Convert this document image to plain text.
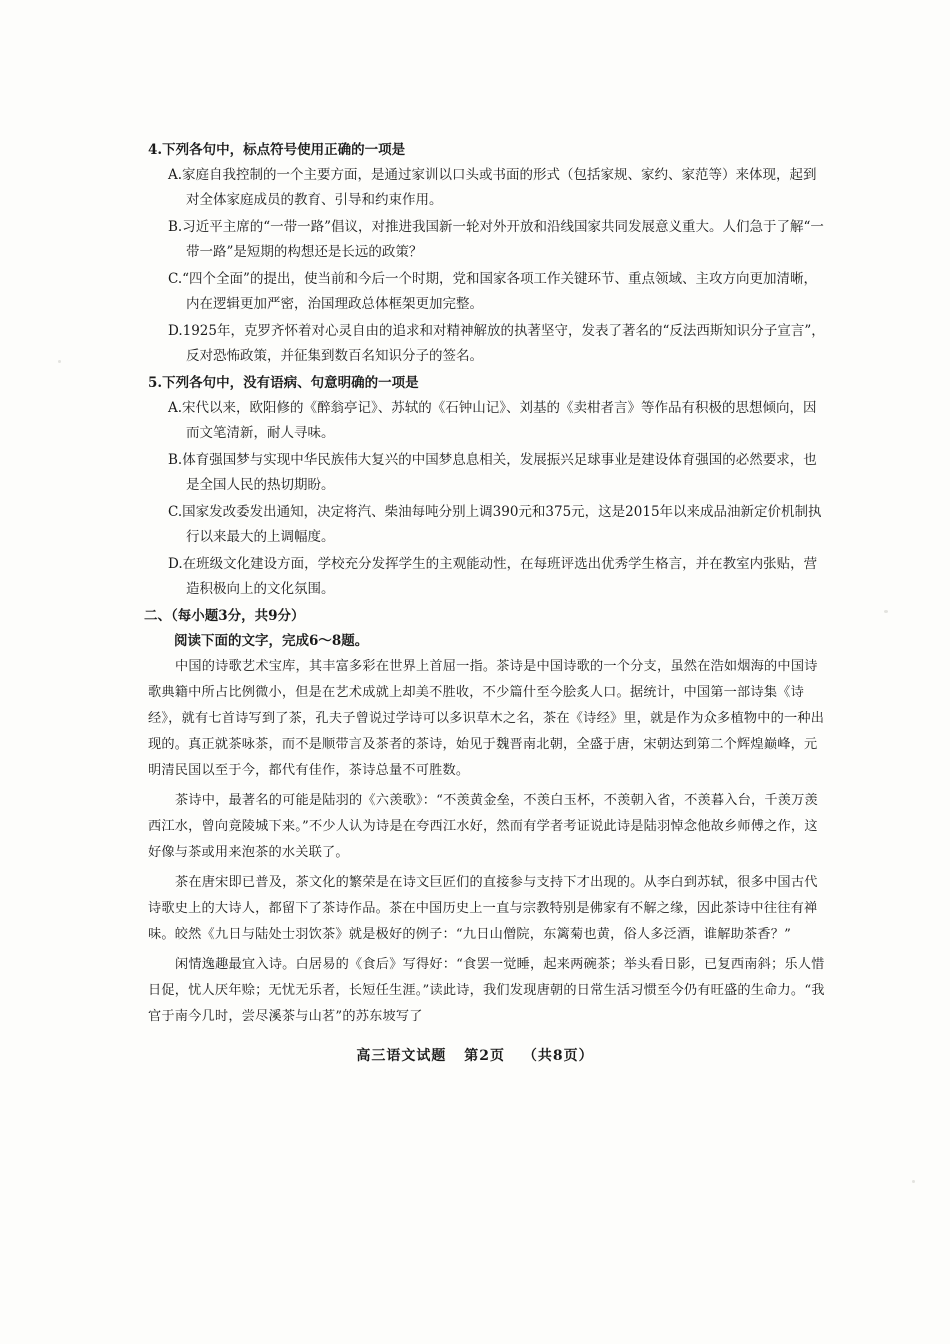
4.下列各句中，标点符号使用正确的一项是

A.家庭自我控制的一个主要方面，是通过家训以口头或书面的形式（包括家规、家约、家范等）来体现，起到对全体家庭成员的教育、引导和约束作用。

B.习近平主席的“一带一路”倡议，对推进我国新一轮对外开放和沿线国家共同发展意义重大。人们急于了解“一带一路”是短期的构想还是长远的政策？

C.“四个全面”的提出，使当前和今后一个时期，党和国家各项工作关键环节、重点领域、主攻方向更加清晰，内在逻辑更加严密，治国理政总体框架更加完整。

D.1925年，克罗齐怀着对心灵自由的追求和对精神解放的执著坚守，发表了著名的“反法西斯知识分子宣言”，反对恐怖政策，并征集到数百名知识分子的签名。

5.下列各句中，没有语病、句意明确的一项是

A.宋代以来，欧阳修的《醉翁亭记》、苏轼的《石钟山记》、刘基的《卖柑者言》等作品有积极的思想倾向，因而文笔清新，耐人寻味。

B.体育强国梦与实现中华民族伟大复兴的中国梦息息相关，发展振兴足球事业是建设体育强国的必然要求，也是全国人民的热切期盼。

C.国家发改委发出通知，决定将汽、柴油每吨分别上调390元和375元，这是2015年以来成品油新定价机制执行以来最大的上调幅度。

D.在班级文化建设方面，学校充分发挥学生的主观能动性，在每班评选出优秀学生格言，并在教室内张贴，营造积极向上的文化氛围。

二、（每小题3分，共9分）

阅读下面的文字，完成6～8题。

中国的诗歌艺术宝库，其丰富多彩在世界上首屈一指。茶诗是中国诗歌的一个分支，虽然在浩如烟海的中国诗歌典籍中所占比例微小，但是在艺术成就上却美不胜收，不少篇什至今脍炙人口。据统计，中国第一部诗集《诗经》，就有七首诗写到了茶，孔夫子曾说过学诗可以多识草木之名，茶在《诗经》里，就是作为众多植物中的一种出现的。真正就茶咏茶，而不是顺带言及茶者的茶诗，始见于魏晋南北朝，全盛于唐，宋朝达到第二个辉煌巅峰，元明清民国以至于今，都代有佳作，茶诗总量不可胜数。

茶诗中，最著名的可能是陆羽的《六羡歌》：“不羡黄金垒，不羡白玉杯，不羡朝入省，不羡暮入台，千羡万羡西江水，曾向竟陵城下来。”不少人认为诗是在夸西江水好，然而有学者考证说此诗是陆羽悼念他故乡师傅之作，这好像与茶或用来泡茶的水关联了。

茶在唐宋即已普及，茶文化的繁荣是在诗文巨匠们的直接参与支持下才出现的。从李白到苏轼，很多中国古代诗歌史上的大诗人，都留下了茶诗作品。茶在中国历史上一直与宗教特别是佛家有不解之缘，因此茶诗中往往有禅味。皎然《九日与陆处士羽饮茶》就是极好的例子：“九日山僧院，东篱菊也黄，俗人多泛酒，谁解助茶香？”

闲情逸趣最宜入诗。白居易的《食后》写得好：“食罢一觉睡，起来两碗茶；举头看日影，已复西南斜；乐人惜日促，忧人厌年赊；无忧无乐者，长短任生涯。”读此诗，我们发现唐朝的日常生活习惯至今仍有旺盛的生命力。“我官于南今几时，尝尽溪茶与山茗”的苏东坡写了

高三语文试题 第2页 （共8页）
